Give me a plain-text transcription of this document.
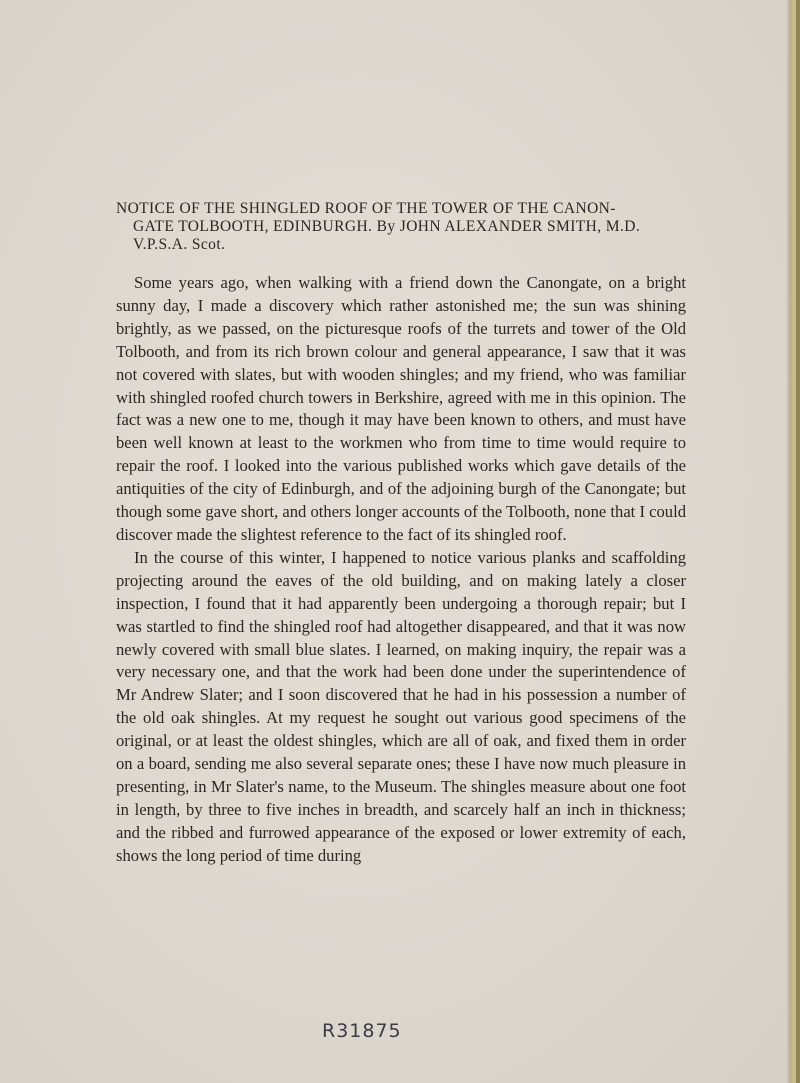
NOTICE OF THE SHINGLED ROOF OF THE TOWER OF THE CANON-
GATE TOLBOOTH, EDINBURGH. By JOHN ALEXANDER SMITH, M.D.
V.P.S.A. Scot.

Some years ago, when walking with a friend down the Canongate, on a bright sunny day, I made a discovery which rather astonished me; the sun was shining brightly, as we passed, on the picturesque roofs of the turrets and tower of the Old Tolbooth, and from its rich brown colour and general appearance, I saw that it was not covered with slates, but with wooden shingles; and my friend, who was familiar with shingled roofed church towers in Berkshire, agreed with me in this opinion. The fact was a new one to me, though it may have been known to others, and must have been well known at least to the workmen who from time to time would require to repair the roof. I looked into the various published works which gave details of the antiquities of the city of Edinburgh, and of the adjoining burgh of the Canongate; but though some gave short, and others longer accounts of the Tolbooth, none that I could discover made the slightest reference to the fact of its shingled roof.

In the course of this winter, I happened to notice various planks and scaffolding projecting around the eaves of the old building, and on making lately a closer inspection, I found that it had apparently been undergoing a thorough repair; but I was startled to find the shingled roof had altogether disappeared, and that it was now newly covered with small blue slates. I learned, on making inquiry, the repair was a very necessary one, and that the work had been done under the superintendence of Mr Andrew Slater; and I soon discovered that he had in his possession a number of the old oak shingles. At my request he sought out various good specimens of the original, or at least the oldest shingles, which are all of oak, and fixed them in order on a board, sending me also several separate ones; these I have now much pleasure in presenting, in Mr Slater's name, to the Museum. The shingles measure about one foot in length, by three to five inches in breadth, and scarcely half an inch in thickness; and the ribbed and furrowed appearance of the exposed or lower extremity of each, shows the long period of time during

R31875
